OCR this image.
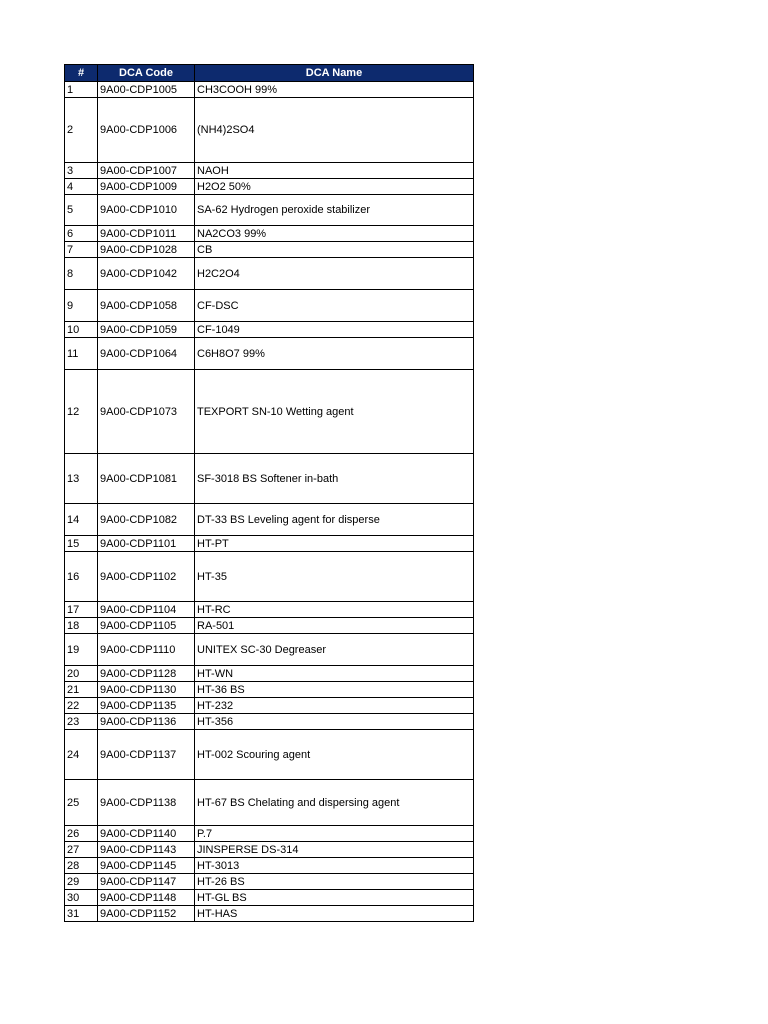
#	DCA Code	DCA Name
1	9A00-CDP1005	CH3COOH 99%
2	9A00-CDP1006	(NH4)2SO4
3	9A00-CDP1007	NAOH
4	9A00-CDP1009	H2O2 50%
5	9A00-CDP1010	SA-62 Hydrogen peroxide stabilizer
6	9A00-CDP1011	NA2CO3 99%
7	9A00-CDP1028	CB
8	9A00-CDP1042	H2C2O4
9	9A00-CDP1058	CF-DSC
10	9A00-CDP1059	CF-1049
11	9A00-CDP1064	C6H8O7 99%
12	9A00-CDP1073	TEXPORT SN-10 Wetting agent
13	9A00-CDP1081	SF-3018 BS Softener in-bath
14	9A00-CDP1082	DT-33 BS Leveling agent for disperse
15	9A00-CDP1101	HT-PT
16	9A00-CDP1102	HT-35
17	9A00-CDP1104	HT-RC
18	9A00-CDP1105	RA-501
19	9A00-CDP1110	UNITEX SC-30 Degreaser
20	9A00-CDP1128	HT-WN
21	9A00-CDP1130	HT-36 BS
22	9A00-CDP1135	HT-232
23	9A00-CDP1136	HT-356
24	9A00-CDP1137	HT-002 Scouring agent
25	9A00-CDP1138	HT-67 BS Chelating and dispersing agent
26	9A00-CDP1140	P.7
27	9A00-CDP1143	JINSPERSE DS-314
28	9A00-CDP1145	HT-3013
29	9A00-CDP1147	HT-26 BS
30	9A00-CDP1148	HT-GL BS
31	9A00-CDP1152	HT-HAS
